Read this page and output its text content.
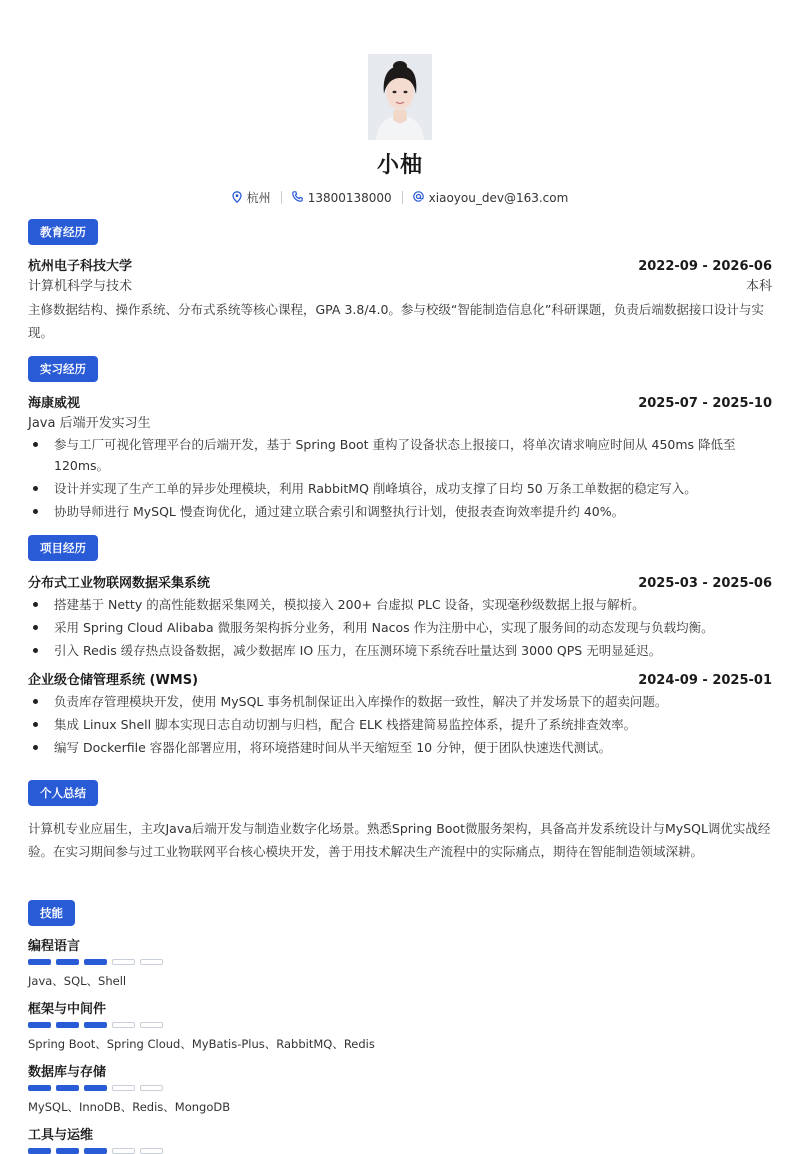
小柚
杭州	13800138000	xiaoyou_dev@163.com
教育经历
杭州电子科技大学	2022-09 - 2026-06
计算机科学与技术	本科
主修数据结构、操作系统、分布式系统等核心课程，GPA 3.8/4.0。参与校级“智能制造信息化”科研课题，负责后端数据接口设计与实现。
实习经历
海康威视	2025-07 - 2025-10
Java 后端开发实习生
参与工厂可视化管理平台的后端开发，基于 Spring Boot 重构了设备状态上报接口，将单次请求响应时间从 450ms 降低至 120ms。
设计并实现了生产工单的异步处理模块，利用 RabbitMQ 削峰填谷，成功支撑了日均 50 万条工单数据的稳定写入。
协助导师进行 MySQL 慢查询优化，通过建立联合索引和调整执行计划，使报表查询效率提升约 40%。
项目经历
分布式工业物联网数据采集系统	2025-03 - 2025-06
搭建基于 Netty 的高性能数据采集网关，模拟接入 200+ 台虚拟 PLC 设备，实现毫秒级数据上报与解析。
采用 Spring Cloud Alibaba 微服务架构拆分业务，利用 Nacos 作为注册中心，实现了服务间的动态发现与负载均衡。
引入 Redis 缓存热点设备数据，减少数据库 IO 压力，在压测环境下系统吞吐量达到 3000 QPS 无明显延迟。
企业级仓储管理系统 (WMS)	2024-09 - 2025-01
负责库存管理模块开发，使用 MySQL 事务机制保证出入库操作的数据一致性，解决了并发场景下的超卖问题。
集成 Linux Shell 脚本实现日志自动切割与归档，配合 ELK 栈搭建简易监控体系，提升了系统排查效率。
编写 Dockerfile 容器化部署应用，将环境搭建时间从半天缩短至 10 分钟，便于团队快速迭代测试。
个人总结
计算机专业应届生，主攻Java后端开发与制造业数字化场景。熟悉Spring Boot微服务架构，具备高并发系统设计与MySQL调优实战经验。在实习期间参与过工业物联网平台核心模块开发，善于用技术解决生产流程中的实际痛点，期待在智能制造领域深耕。
技能
编程语言
Java、SQL、Shell
框架与中间件
Spring Boot、Spring Cloud、MyBatis-Plus、RabbitMQ、Redis
数据库与存储
MySQL、InnoDB、Redis、MongoDB
工具与运维
